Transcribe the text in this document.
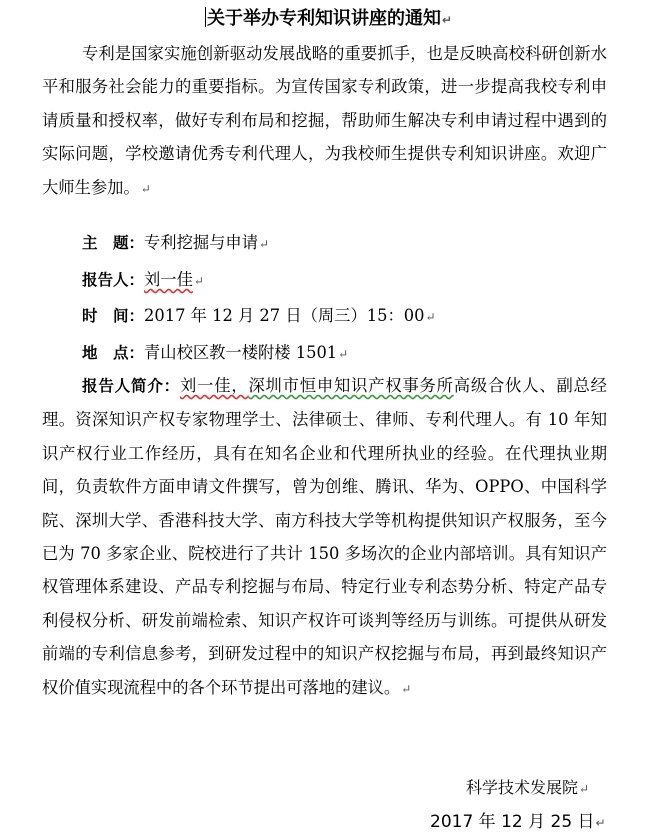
关于举办专利知识讲座的通知↵

专利是国家实施创新驱动发展战略的重要抓手，也是反映高校科研创新水平和服务社会能力的重要指标。为宣传国家专利政策，进一步提高我校专利申请质量和授权率，做好专利布局和挖掘，帮助师生解决专利申请过程中遇到的实际问题，学校邀请优秀专利代理人，为我校师生提供专利知识讲座。欢迎广大师生参加。↵

主　题：专利挖掘与申请↵
报告人：刘一佳↵
时　间：2017 年 12 月 27 日（周三）15：00↵
地　点：青山校区教一楼附楼 1501↵

报告人简介：刘一佳，深圳市恒申知识产权事务所高级合伙人、副总经理。资深知识产权专家物理学士、法律硕士、律师、专利代理人。有 10 年知识产权行业工作经历，具有在知名企业和代理所执业的经验。在代理执业期间，负责软件方面申请文件撰写，曾为创维、腾讯、华为、OPPO、中国科学院、深圳大学、香港科技大学、南方科技大学等机构提供知识产权服务，至今已为 70 多家企业、院校进行了共计 150 多场次的企业内部培训。具有知识产权管理体系建设、产品专利挖掘与布局、特定行业专利态势分析、特定产品专利侵权分析、研发前端检索、知识产权许可谈判等经历与训练。可提供从研发前端的专利信息参考，到研发过程中的知识产权挖掘与布局，再到最终知识产权价值实现流程中的各个环节提出可落地的建议。↵

科学技术发展院↵
2017 年 12 月 25 日↵
